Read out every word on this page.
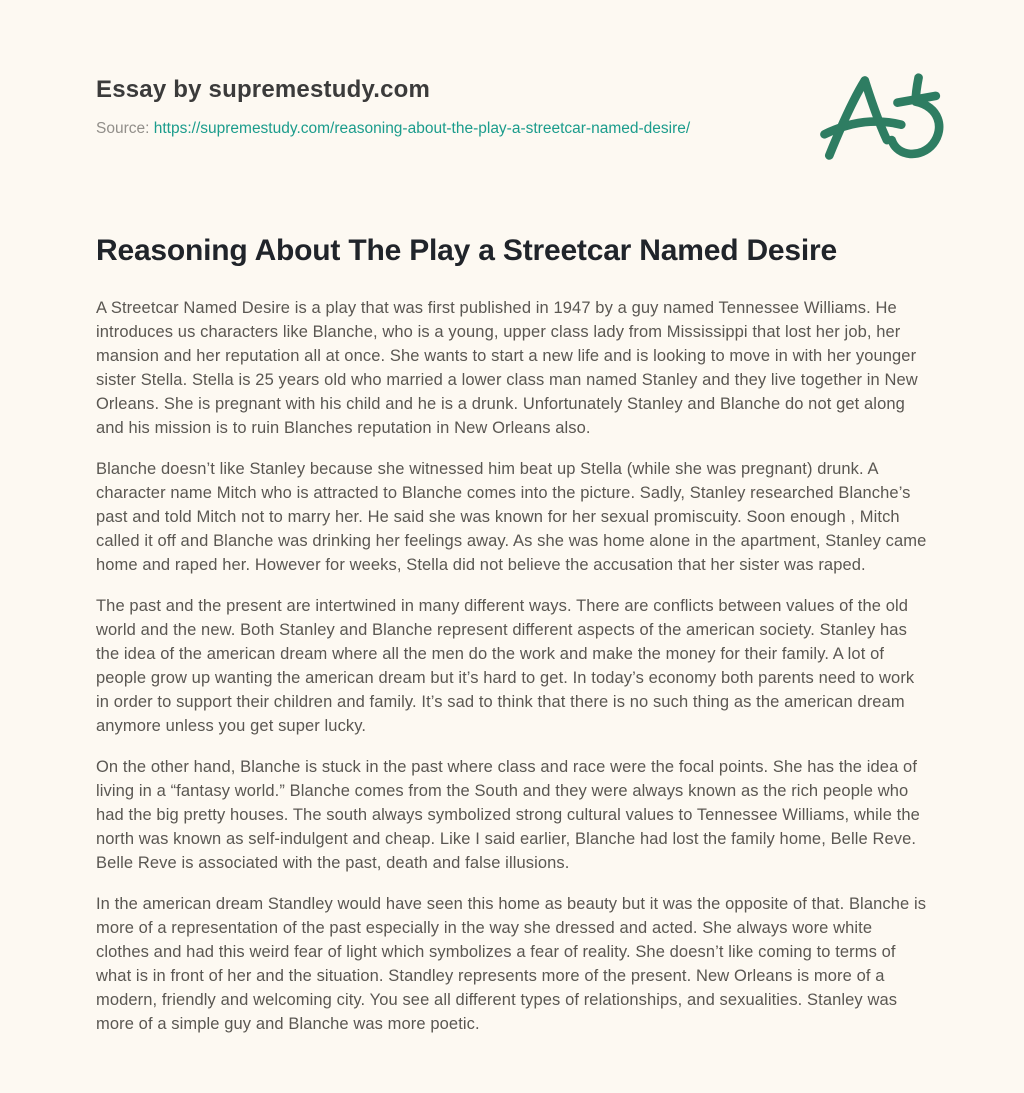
Essay by supremestudy.com
Source: https://supremestudy.com/reasoning-about-the-play-a-streetcar-named-desire/
Reasoning About The Play a Streetcar Named Desire

A Streetcar Named Desire is a play that was first published in 1947 by a guy named Tennessee Williams. He introduces us characters like Blanche, who is a young, upper class lady from Mississippi that lost her job, her mansion and her reputation all at once. She wants to start a new life and is looking to move in with her younger sister Stella. Stella is 25 years old who married a lower class man named Stanley and they live together in New Orleans. She is pregnant with his child and he is a drunk. Unfortunately Stanley and Blanche do not get along and his mission is to ruin Blanches reputation in New Orleans also.

Blanche doesn’t like Stanley because she witnessed him beat up Stella (while she was pregnant) drunk. A character name Mitch who is attracted to Blanche comes into the picture. Sadly, Stanley researched Blanche’s past and told Mitch not to marry her. He said she was known for her sexual promiscuity. Soon enough , Mitch called it off and Blanche was drinking her feelings away. As she was home alone in the apartment, Stanley came home and raped her. However for weeks, Stella did not believe the accusation that her sister was raped.

The past and the present are intertwined in many different ways. There are conflicts between values of the old world and the new. Both Stanley and Blanche represent different aspects of the american society. Stanley has the idea of the american dream where all the men do the work and make the money for their family. A lot of people grow up wanting the american dream but it’s hard to get. In today’s economy both parents need to work in order to support their children and family. It’s sad to think that there is no such thing as the american dream anymore unless you get super lucky.

On the other hand, Blanche is stuck in the past where class and race were the focal points. She has the idea of living in a “fantasy world.” Blanche comes from the South and they were always known as the rich people who had the big pretty houses. The south always symbolized strong cultural values to Tennessee Williams, while the north was known as self-indulgent and cheap. Like I said earlier, Blanche had lost the family home, Belle Reve. Belle Reve is associated with the past, death and false illusions.

In the american dream Standley would have seen this home as beauty but it was the opposite of that. Blanche is more of a representation of the past especially in the way she dressed and acted. She always wore white clothes and had this weird fear of light which symbolizes a fear of reality. She doesn’t like coming to terms of what is in front of her and the situation. Standley represents more of the present. New Orleans is more of a modern, friendly and welcoming city. You see all different types of relationships, and sexualities. Stanley was more of a simple guy and Blanche was more poetic.
